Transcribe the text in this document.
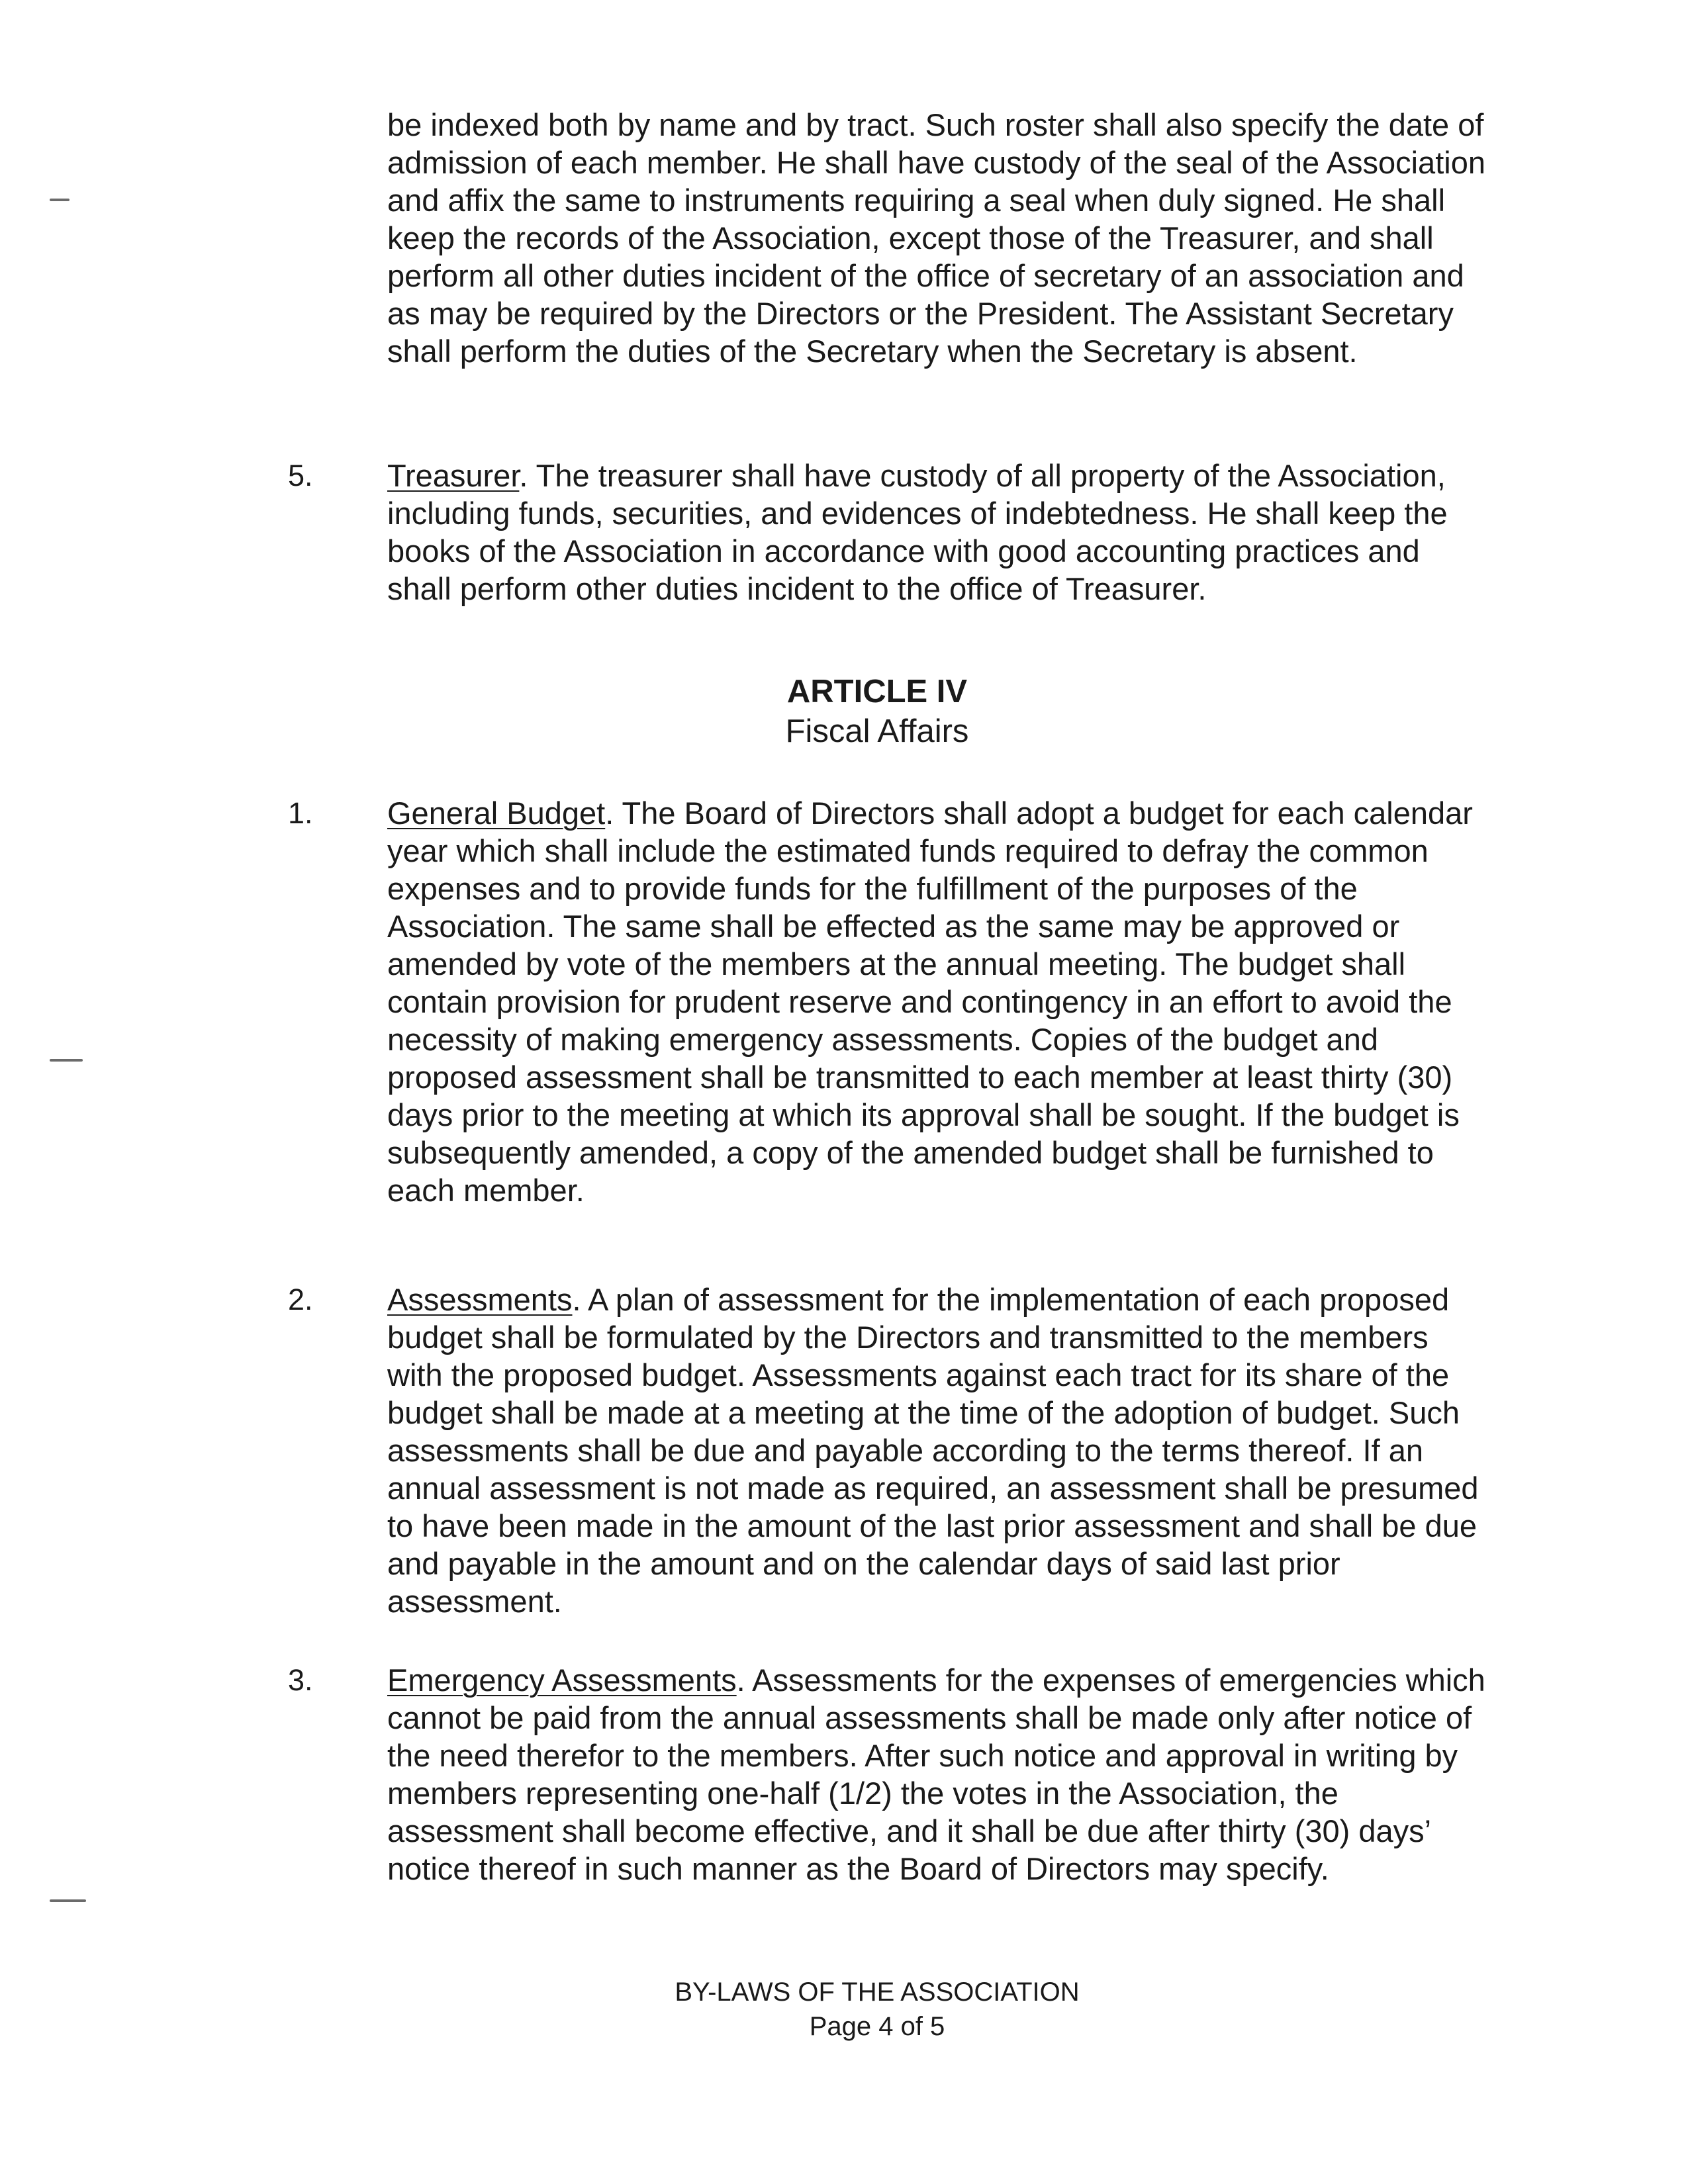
be indexed both by name and by tract. Such roster shall also specify the date of admission of each member. He shall have custody of the seal of the Association and affix the same to instruments requiring a seal when duly signed. He shall keep the records of the Association, except those of the Treasurer, and shall perform all other duties incident of the office of secretary of an association and as may be required by the Directors or the President. The Assistant Secretary shall perform the duties of the Secretary when the Secretary is absent.

5. Treasurer. The treasurer shall have custody of all property of the Association, including funds, securities, and evidences of indebtedness. He shall keep the books of the Association in accordance with good accounting practices and shall perform other duties incident to the office of Treasurer.

ARTICLE IV
Fiscal Affairs
1. General Budget. The Board of Directors shall adopt a budget for each calendar year which shall include the estimated funds required to defray the common expenses and to provide funds for the fulfillment of the purposes of the Association. The same shall be effected as the same may be approved or amended by vote of the members at the annual meeting. The budget shall contain provision for prudent reserve and contingency in an effort to avoid the necessity of making emergency assessments. Copies of the budget and proposed assessment shall be transmitted to each member at least thirty (30) days prior to the meeting at which its approval shall be sought. If the budget is subsequently amended, a copy of the amended budget shall be furnished to each member.

2. Assessments. A plan of assessment for the implementation of each proposed budget shall be formulated by the Directors and transmitted to the members with the proposed budget. Assessments against each tract for its share of the budget shall be made at a meeting at the time of the adoption of budget. Such assessments shall be due and payable according to the terms thereof. If an annual assessment is not made as required, an assessment shall be presumed to have been made in the amount of the last prior assessment and shall be due and payable in the amount and on the calendar days of said last prior assessment.

3. Emergency Assessments. Assessments for the expenses of emergencies which cannot be paid from the annual assessments shall be made only after notice of the need therefor to the members. After such notice and approval in writing by members representing one-half (1/2) the votes in the Association, the assessment shall become effective, and it shall be due after thirty (30) days’ notice thereof in such manner as the Board of Directors may specify.

BY-LAWS OF THE ASSOCIATION
Page 4 of 5
